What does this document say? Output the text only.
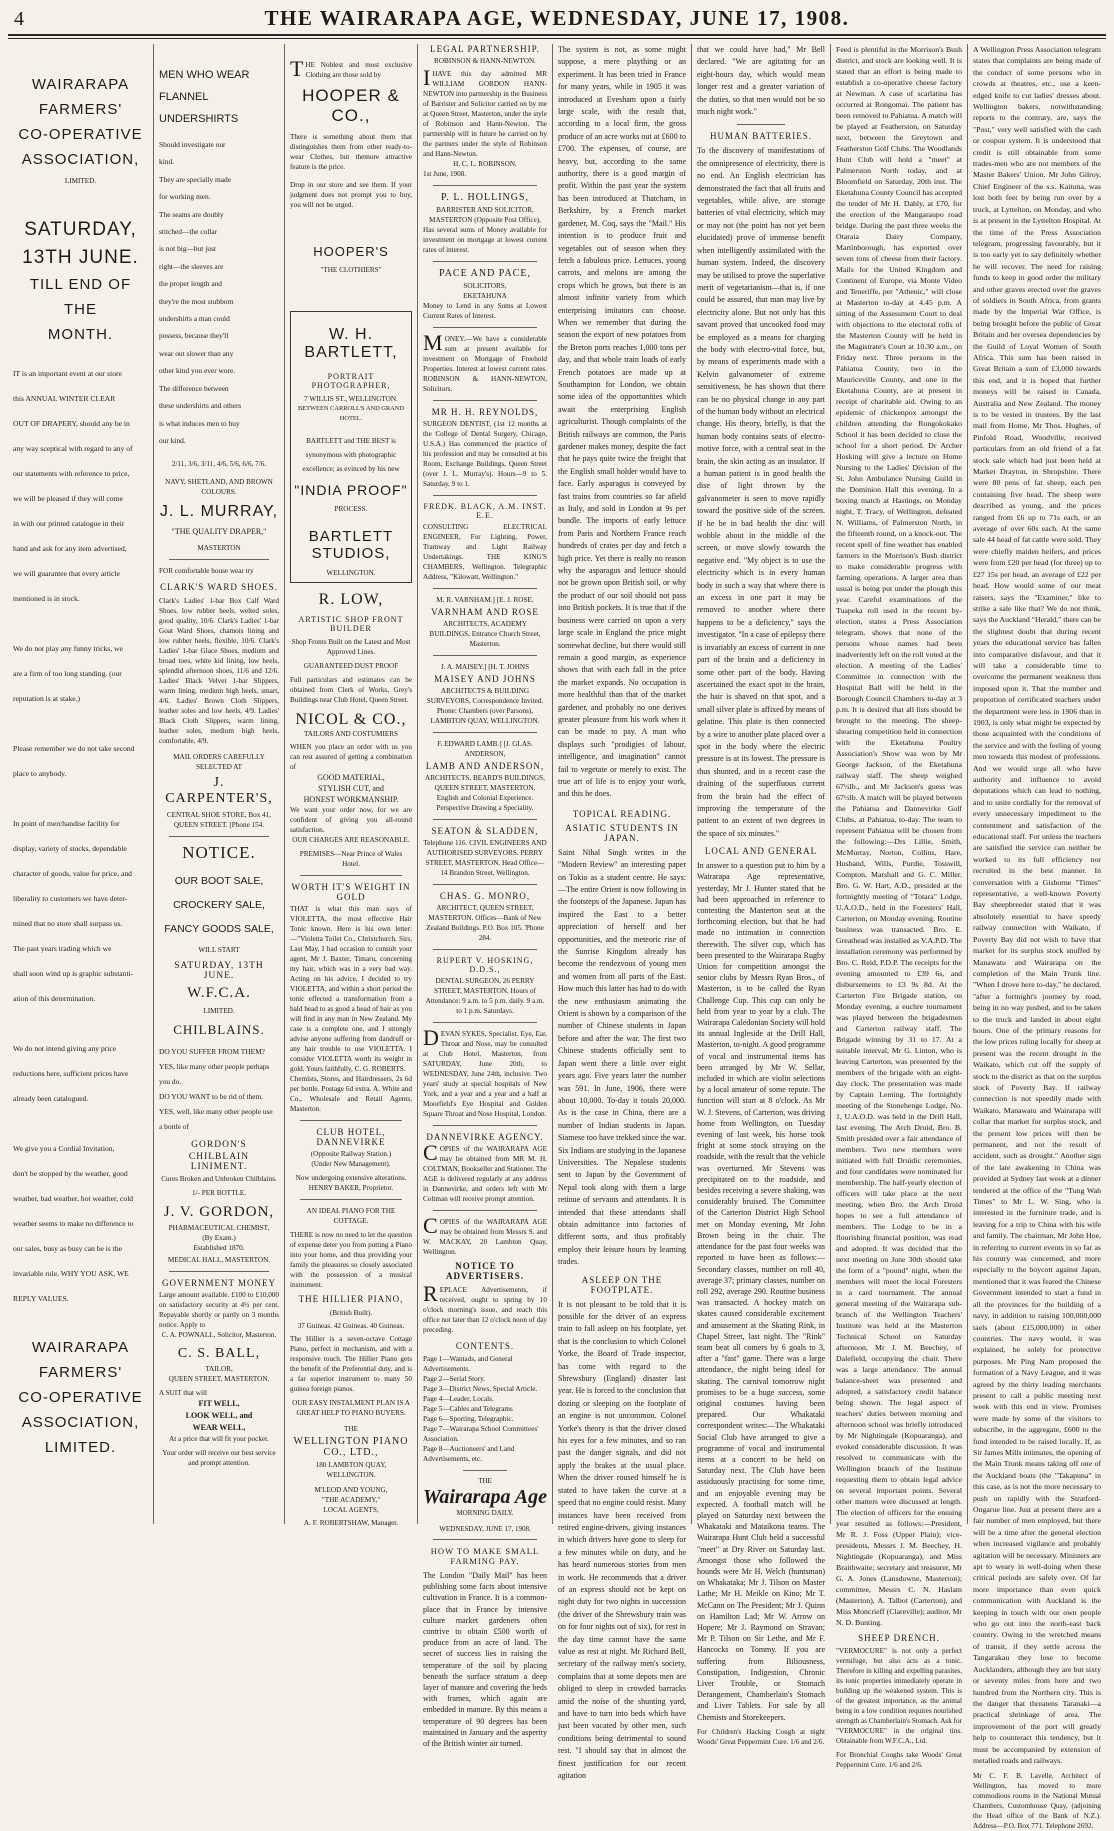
4	THE WAIRARAPA AGE, WEDNESDAY, JUNE 17, 1908.
WAIRARAPA
FARMERS'
CO-OPERATIVE
ASSOCIATION,
LIMITED.
SATURDAY,
13TH JUNE.
TILL END OF THE
MONTH.
IT is an important event at our store
this ANNUAL WINTER CLEAR
OUT OF DRAPERY, should any be in
any way sceptical with regard to any of
our statements with reference to price,
we will be pleased if they will come
in with our printed catalogue in their
hand and ask for any item advertised,
we will guarantee that every article
mentioned is in stock.

We do not play any funny tricks, we
are a firm of too long standing. (our
reputation is at stake.)

Please remember we do not take second
place to anybody.

In point of merchandise facility for
display, variety of stocks, dependable
character of goods, value for price, and
liberality to customers we have deter-
mined that no store shall surpass us.
The past years trading which we
shall soon wind up is graphic substanti-
ation of this determination.

We do not intend giving any price
reductions here, sufficient prices have
already been catalogued.

We give you a Cordial Invitation,
don't be stopped by the weather, good
weather, bad weather, hot weather, cold
weather seems to make no difference to
our sales, busy as busy can be is the
invariable rule, WHY YOU ASK, WE
REPLY VALUES.
WAIRARAPA
FARMERS'
CO-OPERATIVE
ASSOCIATION,
LIMITED.
MEN WHO WEAR
FLANNEL
UNDERSHIRTS
Should investigate our
kind.
They are specially made
for working men.
The seams are doubly
stitched—the collar
is not big—but just
right—the sleeves are
the proper length and
they're the most stubborn
undershirts a man could
possess, because they'll
wear out slower than any
other kind you ever wore.
The difference between
these undershirts and others
is what induces men to buy
our kind.
2/11, 3/6, 3/11, 4/6, 5/6, 6/6, 7/6.
NAVY, SHETLAND, AND BROWN COLOURS.
J. L. MURRAY,
"THE QUALITY DRAPER,"
MASTERTON
FOR comfortable house wear try
CLARK'S WARD SHOES.
Clark's Ladies' 1-bar Box Calf Ward Shoes, low rubber heels, welted soles, good quality, 10/6. Clark's Ladies' 1-bar Goat Ward Shoes, chamois lining and low rubber heels, flexible, 10/6. Clark's Ladies' 1-bar Glace Shoes, medium and broad toes, white kid lining, low heels, splendid afternoon shoes, 11/6 and 12/6. Ladies' Black Velvet 1-bar Slippers, warm lining, medium high heels, smart, 4/6. Ladies' Brown Cloth Slippers, leather soles and low heels, 4/9. Ladies' Black Cloth Slippers, warm lining, leather soles, medium high heels, comfortable, 4/9.
MAIL ORDERS CAREFULLY SELECTED AT
J. CARPENTER'S,
CENTRAL SHOE STORE, Box 41, QUEEN STREET. [Phone 154.
NOTICE.
OUR BOOT SALE,
CROCKERY SALE,
FANCY GOODS SALE,
WILL START
SATURDAY, 13TH JUNE.
W.F.C.A.
LIMITED.
CHILBLAINS.
DO YOU SUFFER FROM THEM?
YES, like many other people perhaps
you do.
DO YOU WANT to be rid of them.
YES, well, like many other people use
a bottle of
GORDON'S
CHILBLAIN LINIMENT.
Cures Broken and Unbroken Chilblains.
1/- PER BOTTLE.
J. V. GORDON,
PHARMACEUTICAL CHEMIST,
(By Exam.)
Established 1870.
MEDICAL HALL, MASTERTON.
GOVERNMENT MONEY
Large amount available. £100 to £10,000 on satisfactory security at 4½ per cent. Repayable shortly or partly on 3 months notice. Apply to
C. A. POWNALL, Solicitor, Masterton.
C. S. BALL,
TAILOR,
QUEEN STREET, MASTERTON.
A SUIT that will
FIT WELL,
LOOK WELL, and
WEAR WELL,
At a price that will fit your pocket.
Your order will receive our best service and prompt attention.
THE Noblest and most exclusive Clothing are those sold by
HOOPER & CO.,
There is something about them that distinguishes them from other ready-to-wear Clothes, but themore attractive feature is the price.
Drop in our store and see them. If your judgment does not prompt you to buy, you will not be urged.
HOOPER'S
"THE CLOTHIERS"
W. H. BARTLETT,
PORTRAIT PHOTOGRAPHER,
7 WILLIS ST., WELLINGTON.
BETWEEN CARROLL'S AND GRAND HOTEL.
BARTLETT and THE BEST is synonymous with photographic excellence; as evinced by his new
"INDIA PROOF"
PROCESS.
BARTLETT
STUDIOS,
WELLINGTON.
R. LOW,
ARTISTIC SHOP FRONT BUILDER
Shop Fronts Built on the Latest and Most Approved Lines.
GUARANTEED DUST PROOF
Full particulars and estimates can be obtained from Clerk of Works, Grey's Buildings near Club Hotel, Queen Street.
NICOL & CO.,
TAILORS AND COSTUMIERS
WHEN you place an order with us you can rest assured of getting a combination of
GOOD MATERIAL,
STYLISH CUT, and
HONEST WORKMANSHIP.
We want your order now, for we are confident of giving you all-round satisfaction.
OUR CHARGES ARE REASONABLE.
PREMISES—Near Prince of Wales Hotel.
WORTH IT'S WEIGHT IN GOLD
THAT is what this man says of VIOLETTA, the most effective Hair Tonic known. Here is his own letter:—"Violetta Toilet Co., Christchurch. Sirs, Last May, I had occasion to consult your agent, Mr J. Baxter, Timaru, concerning my hair, which was in a very bad way. Acting on his advice, I decided to try VIOLETTA, and within a short period the tonic effected a transformation from a bald head to as good a head of hair as you will find in any man in New Zealand. My case is a complete one, and I strongly advise anyone suffering from dandruff or any hair trouble to use VIOLETTA. I consider VIOLETTA worth its weight in gold. Yours faithfully, C. G. ROBERTS.
Chemists, Stores, and Hairdressers, 2s 6d per bottle. Postage 6d extra. A. White and Co., Wholesale and Retail Agents, Masterton.
CLUB HOTEL, DANNEVIRKE
(Opposite Railway Station.)
(Under New Management).
Now undergoing extensive alterations.
HENRY BAKER, Proprietor.
AN IDEAL PIANO FOR THE COTTAGE.
THERE is now no need to let the question of expense deter you from putting a Piano into your home, and thus providing your family the pleasures so closely associated with the possession of a musical instrument.
THE HILLIER PIANO,
(British Built).
37 Guineas. 42 Guineas. 40 Guineas.
The Hillier is a seven-octave Cottage Piano, perfect in mechanism, and with a responsive touch. The Hillier Piano gets the benefit of the Preferential duty, and is a far superior instrument to many 50 guinea foreign pianos.
OUR EASY INSTALMENT PLAN IS A GREAT HELP TO PIANO BUYERS.
THE
WELLINGTON PIANO CO., LTD.,
180 LAMBTON QUAY,
WELLINGTON.
M'LEOD AND YOUNG,
"THE ACADEMY,"
LOCAL AGENTS,
A. F. ROBERTSHAW, Manager.
LEGAL PARTNERSHIP.
ROBINSON & HANN-NEWTON.
IHAVE this day admitted MR WILLIAM GORDON HANN-NEWTON into partnership in the Business of Barrister and Solicitor carried on by me at Queen Street, Masterton, under the style of Robinson and Hann-Newton. The partnership will in future be carried on by the partners under the style of Robinson and Hann-Newton.
H. C. L. ROBINSON.
1st June, 1908.
P. L. HOLLINGS,
BARRISTER AND SOLICITOR,
MASTERTON (Opposite Post Office),
Has several sums of Money available for investment on mortgage at lowest current rates of interest.
PACE AND PACE,
SOLICITORS,
EKETAHUNA
Money to Lend in any Sums at Lowest Current Rates of Interest.
MONEY.—We have a considerable sum at present available for investment on Mortgage of Freehold Properties. Interest at lowest current rates. ROBINSON & HANN-NEWTON, Solicitors.
MR H. H. REYNOLDS,
SURGEON DENTIST, (1st 12 months at the College of Dental Surgery, Chicago, U.S.A.) Has commenced the practice of his profession and may be consulted at his Room, Exchange Buildings, Queen Street (over J. L. Murray's). Hours—9 to 5. Saturday, 9 to 1.
FREDK. BLACK, A.M. INST. E.E.
CONSULTING ELECTRICAL ENGINEER, For Lighting, Power, Tramway and Light Railway Undertakings. THE KING'S CHAMBERS, Wellington. Telegraphic Address, "Kilowatt, Wellington."
M. R. VARNHAM.] [E. J. ROSE.
VARNHAM AND ROSE
ARCHITECTS, ACADEMY BUILDINGS, Entrance Church Street, Masterton.
J. A. MAISEY.] [H. T. JOHNS
MAISEY AND JOHNS
ARCHITECTS & BUILDING SURVEYORS, Correspondence Invited. Phone: Chambers (over Parsons), LAMBTON QUAY, WELLINGTON.
F. EDWARD LAMB.] [J. GLAS. ANDERSON,
LAMB AND ANDERSON,
ARCHITECTS, BEARD'S BUILDINGS, QUEEN STREET, MASTERTON. English and Colonial Experience. Perspective Drawing a Speciality.
SEATON & SLADDEN,
Telephone 116. CIVIL ENGINEERS AND AUTHORISED SURVEYORS. PERRY STREET, MASTERTON. Head Office—14 Brandon Street, Wellington.
CHAS. G. MONRO,
ARCHITECT, QUEEN STREET, MASTERTON. Offices—Bank of New Zealand Buildings. P.O. Box 105. 'Phone 284.
RUPERT V. HOSKING, D.D.S.,
DENTAL SURGEON, 26 PERRY STREET, MASTERTON. Hours of Attendance: 9 a.m. to 5 p.m. daily. 9 a.m. to 1 p.m. Saturdays.
DEVAN SYKES, Specialist. Eye, Ear, Throat and Nose, may be consulted at Club Hotel, Masterton, from SATURDAY, June 20th, to WEDNESDAY, June 24th, inclusive. Two years' study at special hospitals of New York, and a year and a year and a half at Moorfield's Eye Hospital and Golden Square Throat and Nose Hospital, London.
DANNEVIRKE AGENCY.
COPIES of the WAIRARAPA AGE may be obtained from MR M. H. COLTMAN, Bookseller and Stationer. The AGE is delivered regularly at any address in Dannevirke, and orders left with Mr Coltman will receive prompt attention.
COPIES of the WAIRARAPA AGE may be obtained from Messrs S. and W. MACKAY, 20 Lambton Quay, Wellington.
NOTICE TO ADVERTISERS.
REPLACE Advertisements, if received, ought to spring by 10 o'clock morning's issue, and reach this office not later than 12 o'clock noon of day preceding.
CONTENTS.
Page 1—Wantads, and General Advertisements.
Page 2—Serial Story.
Page 3—District News, Special Article.
Page 4—Leader, Locals.
Page 5—Cables and Telegrams
Page 6—Sporting, Telegraphic.
Page 7—Wairarapa School Committees' Association.
Page 8—Auctioneers' and Land Advertisements, etc.
THE
Wairarapa Age
MORNING DAILY.
WEDNESDAY, JUNE 17, 1908.
HOW TO MAKE SMALL FARMING PAY.
The London "Daily Mail" has been publishing some facts about intensive cultivation in France. It is a common-place that in France by intensive culture market gardeners often contrive to obtain £500 worth of produce from an acre of land. The secret of success lies in raising the temperature of the soil by placing beneath the surface stratum a deep layer of manure and covering the beds with frames, which again are embedded in manure. By this means a temperature of 90 degrees has been maintained in January and the asperity of the British winter air turned.
The system is not, as some might suppose, a mere plaything or an experiment. It has been tried in France for many years, while in 1905 it was introduced at Evesham upon a fairly large scale, with the result that, according to a local firm, the gross produce of an acre works out at £600 to £700. The expenses, of course, are heavy, but, according to the same authority, there is a good margin of profit. Within the past year the system has been introduced at Thatcham, in Berkshire, by a French market gardener, M. Coq, says the "Mail." His intention is to produce fruit and vegetables out of season when they fetch a fabulous price. Lettuces, young carrots, and melons are among the crops which he grows, but there is an almost infinite variety from which enterprising imitators can choose. When we remember that during the season the export of new potatoes from the Breton ports reaches 1,000 tons per day, and that whole train loads of early French potatoes are made up at Southampton for London, we obtain some idea of the opportunities which await the enterprising English agriculturist. Though complaints of the British railways are common, the Paris gardener makes money, despite the fact that he pays quite twice the freight that the English small holder would have to face. Early asparagus is conveyed by fast trains from countries so far afield as Italy, and sold in London at 9s per bundle. The imports of early lettuce from Paris and Northern France reach hundreds of crates per day and fetch a high price. Yet there is really no reason why the asparagus and lettuce should not be grown upon British soil, or why the product of our soil should not pass into British pockets. It is true that if the business were carried on upon a very large scale in England the price might somewhat decline, but there would still remain a good margin, as experience shows that with each fall in the price the market expands. No occupation is more healthful than that of the market gardener, and probably no one derives greater pleasure from his work when it can be made to pay. A man who displays such "prodigies of labour, intelligence, and imagination" cannot fail to vegetate or merely to exist. The true art of life is to enjoy your work, and this he does.
TOPICAL READING.
ASIATIC STUDENTS IN JAPAN.
Saint Nihal Singh writes in the "Modern Review" an interesting paper on Tokio as a student centre. He says:—The entire Orient is now following in the footsteps of the Japanese. Japan has inspired the East to a better appreciation of herself and her opportunities, and the meteoric rise of the Sunrise Kingdom already has become the rendezvous of young men and women from all parts of the East. How much this latter has had to do with the new enthusiasm animating the Orient is shown by a comparison of the number of Chinese students in Japan before and after the war. The first two Chinese students officially sent to Japan went there a little over eight years ago. Five years later the number was 591. In June, 1906, there were about 10,000. To-day it totals 20,000. As is the case in China, there are a number of Indian students in Japan. Siamese too have trekked since the war. Six Indians are studying in the Japanese Universities. The Nepalese students sent to Japan by the Government of Nepal took along with them a large retinue of servants and attendants. It is intended that these attendants shall obtain admittance into factories of different sorts, and thus profitably employ their leisure hours by learning trades.
ASLEEP ON THE FOOTPLATE.
It is not pleasant to be told that it is possible for the driver of an express train to fall asleep on his footplate, yet that is the conclusion to which Colonel Yorke, the Board of Trade inspector, has come with regard to the Shrewsbury (England) disaster last year. He is forced to the conclusion that dozing or sleeping on the footplate of an engine is not uncommon. Colonel Yorke's theory is that the driver closed his eyes for a few minutes, and so ran past the danger signals, and did not apply the brakes at the usual place. When the driver roused himself he is stated to have taken the curve at a speed that no engine could resist. Many instances have been received from retired engine-drivers, giving instances in which drivers have gone to sleep for a few minutes while on duty, and he has heard numerous stories from men in work. He recommends that a driver of an express should not be kept on night duty for two nights in succession (the driver of the Shrewsbury train was on for four nights out of six), for rest in the day time cannot have the same value as rest at night. Mr Richard Bell, secretary of the railway men's society, complains that at some depots men are obliged to sleep in crowded barracks amid the noise of the shunting yard, and have to turn into beds which have just been vacated by other men, such conditions being detrimental to sound rest. "I should say that in almost the finest justification for our recent agitation
that we could have had," Mr Bell declared. "We are agitating for an eight-hours day, which would mean longer rest and a greater variation of the duties, so that men would not be so much night work."
HUMAN BATTERIES.
To the discovery of manifestations of the omnipresence of electricity, there is no end. An English electrician has demonstrated the fact that all fruits and vegetables, while alive, are storage batteries of vital electricity, which may or may not (the point has not yet been elucidated) prove of immense benefit when intelligently assimilated with the human system. Indeed, the discovery may be utilised to prove the superlative merit of vegetarianism—that is, if one could be assured, that man may live by electricity alone. But not only has this savant proved that uncooked food may be employed as a means for charging the body with electro-vital force, but, by means of experiments made with a Kelvin galvanometer of extreme sensitiveness, he has shown that there can be no physical change in any part of the human body without an electrical change. His theory, briefly, is that the human body contains seats of electro-motive force, with a central seat in the brain, the skin acting as an insulator. If a human patient is in good health the dise of light thrown by the galvanometer is seen to move rapidly toward the positive side of the screen. If he be in bad health the disc will wobble about in the middle of the screen, or move slowly towards the negative end. "My object is to use the electricity which is in every human body in such a way that where there is an excess in one part it may be removed to another where there happens to be a deficiency," says the investigator. "In a case of epilepsy there is invariably an excess of current in one part of the brain and a deficiency in some other part of the body. Having ascertained the exact spot in the brain, the hair is shaved on that spot, and a small silver plate is affixed by means of gelatine. This plate is then connected by a wire to another plate placed over a spot in the body where the electric pressure is at its lowest. The pressure is thus shunted, and in a recent case the draining of the superfluous current from the brain had the effect of improving the temperature of the patient to an extent of two degrees in the space of six minutes."
LOCAL AND GENERAL
In answer to a question put to him by a Wairarapa Age representative, yesterday, Mr J. Hunter stated that he had been approached in reference to contesting the Masterton seat at the forthcoming election, but that he had made no intimation in connection therewith. The silver cup, which has been presented to the Wairarapa Rugby Union for competition amongst the senior clubs by Messrs Ryan Bros., of Masterton, is to be called the Ryan Challenge Cup. This cup can only be held from year to year by a club. The Wairarapa Caledonian Society will hold its annual Ingleside at the Drill Hall, Masterton, to-night. A good programme of vocal and instrumental items has been arranged by Mr W. Sellar, included in which are violin selections by a local amateur of some repute. The function will start at 8 o'clock. As Mr W. J. Stevens, of Carterton, was driving home from Wellington, on Tuesday evening of last week, his horse took fright at some stock straying on the roadside, with the result that the vehicle was overturned. Mr Stevens was precipitated on to the roadside, and besides receiving a severe shaking, was considerably bruised. The Committee of the Carterton District High School met on Monday evening, Mr John Brown being in the chair. The attendance for the past four weeks was reported to have been as follows:—Secondary classes, number on roll 40, average 37; primary classes, number on roll 292, average 290. Routine business was transacted. A hockey match on skates caused considerable excitement and amusement at the Skating Rink, in Chapel Street, last night. The "Rink" team beat all comers by 6 goals to 3, after a "fast" game. There was a large attendance, the night being ideal for skating. The carnival tomorrow night promises to be a huge success, some original costumes having been prepared. Our Whakataki correspondent writes:—The Whakataki Social Club have arranged to give a programme of vocal and instrumental items at a concert to be held on Saturday next. The Club have been assiduously practising for some time, and an enjoyable evening may be expected. A football match will be played on Saturday next between the Whakataki and Mataikona teams. The Wairarapa Hunt Club held a successful "meet" at Dry River on Saturday last. Amongst those who followed the hounds were Mr H. Welch (huntsman) on Whakataka; Mr J. Tilson on Master Lathe; Mr H. Meikle on Kino; Mr T. McCann on The President; Mr J. Quinn on Hamilton Lad; Mr W. Arrow on Hopere; Mr J. Raymond on Stravan; Mr P. Tilson on Sir Lethe, and Mr F. Hancocks on Tommy. If you are suffering from Biliousness, Constipation, Indigestion, Chronic Liver Trouble, or Stomach Derangement, Chamberlain's Stomach and Liver Tablets. For sale by all Chemists and Storekeepers.
For Children's Hacking Cough at night Woods' Great Peppermint Cure. 1/6 and 2/6.
Feed is plentiful in the Morrison's Bush district, and stock are looking well. It is stated that an effort is being made to establish a co-operative cheese factory at Newman. A case of scarlatina has occurred at Rongomai. The patient has been removed to Pahiatua. A match will be played at Featherston, on Saturday next, between the Greytown and Featherston Golf Clubs. The Woodlands Hunt Club will hold a "meet" at Palmerston North today, and at Bloomfield on Saturday, 20th inst. The Eketahuna County Council has accepted the tender of Mr H. Dahly, at £70, for the erection of the Mangaraupo road bridge. During the past three weeks the Otaraia Dairy Company, Martinborough, has exported over seven tons of cheese from their factory. Mails for the United Kingdom and Continent of Europe, via Monte Video and Teneriffe, per "Athenic," will close at Masterton to-day at 4.45 p.m. A sitting of the Assessment Court to deal with objections to the electoral rolls of the Masterton County will be held in the Magistrate's Court at 10.30 a.m., on Friday next. Three persons in the Pahiatua County, two in the Mauriceville County, and one in the Eketahuna County, are at present in receipt of charitable aid. Owing to an epidemic of chickenpox amongst the children attending the Rongokokako School it has been decided to close the school for a short period. Dr Archer Hosking will give a lecture on Home Nursing to the Ladies' Division of the St. John Ambulance Nursing Guild in the Dominion Hall this evening. In a boxing match at Hastings, on Monday night, T. Tracy, of Wellington, defeated N. Williams, of Palmerston North, in the fifteenth round, on a knock-out. The recent spell of fine weather has enabled farmers in the Morrison's Bush district to make considerable progress with farming operations. A larger area than usual is being put under the plough this year. Careful examinations of the Tuapeka roll used in the recent by-election, states a Press Association telegram, shows that none of the persons whose names had been inadvertently left on the roll voted at the election. A meeting of the Ladies' Committee in connection with the Hospital Ball will be held in the Borough Council Chambers to-day at 3 p.m. It is desired that all lists should be brought to the meeting. The sheep-shearing competition held in connection with the Eketahuna Poultry Association's Show was won by Mr George Jackson, of the Eketahuna railway staff. The sheep weighed 67½lb., and Mr Jackson's guess was 67½lb. A match will be played between the Pahiatua and Dannevirke Golf Clubs, at Pahiatua, to-day. The team to represent Pahiatua will be chosen from the following:—Drs Lillie, Smith, McMurray, Norton, Collins, Hare, Husband, Wills, Purdie, Tosswill, Compton, Marshall and G. C. Miller. Bro. G. W. Hart, A.D., presided at the fortnightly meeting of "Totara" Lodge, U.A.O.D., held in the Foresters' Hall, Carterton, on Monday evening. Routine business was transacted. Bro. E. Greathead was installed as V.A.P.D. The installation ceremony was performed by Bro. C. Reid, P.D.P. The receipts for the evening amounted to £39 6s, and disbursements to £3 9s 8d. At the Carterton Fire Brigade station, on Monday evening, a euchre tournament was played between the brigadesmen and Carterton railway staff. The Brigade winning by 31 to 17. At a suitable interval, Mr G. Linton, who is leaving Carterton, was presented by the members of the brigade with an eight-day clock. The presentation was made by Captain Leming. The fortnightly meeting of the Stonehenge Lodge, No. 1, U.A.O.D. was held in the Drill Hall, last evening. The Arch Druid, Bro. B. Smith presided over a fair attendance of members. Two new members were initiated with full Druidic ceremonies, and four candidates were nominated for membership. The half-yearly election of officers will take place at the next meeting, when Bro. the Arch Druid hopes to see a full attendance of members. The Lodge to be in a flourishing financial position, was read and adopted. It was decided that the next meeting on June 30th should take the form of a "pound" night, when the members will meet the local Foresters in a card tournament. The annual general meeting of the Wairarapa sub-branch of the Wellington Teachers' Institute was held at the Masterton Technical School on Saturday afternoon, Mr J. M. Beechey, of Dalefield, occupying the chair. There was a large attendance. The annual balance-sheet was presented and adopted, a satisfactory credit balance being shown. The legal aspect of teachers' duties between morning and afternoon school was briefly introduced by Mr Nightingale (Kopuaranga), and evoked considerable discussion. It was resolved to communicate with the Wellington branch of the Institute requesting them to obtain legal advice on several important points. Several other matters were discussed at length. The election of officers for the ensuing year resulted as follows:—President, Mr R. J. Foss (Upper Plain); vice-presidents, Messrs J. M. Beechey, H. Nightingale (Kopuaranga), and Miss Braithwaite; secretary and treasurer, Mr G. A. Jones (Lansdowne, Masterton); committee, Messrs C. N. Haslam (Masterton), A. Talbot (Carterton), and Miss Moncrieff (Clareville); auditor, Mr N. D. Bunting.
SHEEP DRENCH.
"VERMOCURE" is not only a perfect vermifuge, but also acts as a tonic. Therefore in killing and expelling parasites, its tonic properties immediately operate in building up the weakened system. This is of the greatest importance, as the animal being in a low condition requires nourished strength as Chamberlain's Stomach. Ask for "VERMOCURE" in the original tins. Obtainable from W.F.C.A., Ltd.
For Bronchial Coughs take Woods' Great Peppermint Cure. 1/6 and 2/6.
A Wellington Press Association telegram states that complaints are being made of the conduct of some persons who in crowds at theatres, etc., use a keen-edged knife to cut ladies' dresses about. Wellington bakers, notwithstanding reports to the contrary, are, says the "Post," very well satisfied with the cash or coupon system. It is understood that credit is still obtainable from some trades-men who are not members of the Master Bakers' Union. Mr John Gilroy, Chief Engineer of the s.s. Kaituna, was lost both feet by being run over by a truck, at Lyttelton, on Monday, and who is at present in the Lyttelton Hospital. At the time of the Press Association telegram, progressing favourably, but it is too early yet to say definitely whether he will recover. The need for raising funds to keep in good order the military and other graves erected over the graves of soldiers in South Africa, from grants made by the Imperial War Office, is being brought before the public of Great Britain and her oversea dependencies by the Guild of Loyal Women of South Africa. This sum has been raised in Great Britain a sum of £3,000 towards this end, and it is hoped that further moneys will be raised in Canada, Australia and New Zealand. The money is to be vested in trustees. By the last mail from Home, Mr Thos. Hughes, of Pinfold Road, Woodville, received particulars from an old friend of a fat stock sale which had just been held at Market Drayton, in Shropshire. There were 80 pens of fat sheep, each pen containing five head. The sheep were described as young, and the prices ranged from £6 up to 71s each, or an average of over 60s each. At the same sale 44 head of fat cattle were sold. They were chiefly maiden heifers, and prices were from £20 per head (for three) up to £27 15s per head, an average of £22 per head. How would some of our meat raisers, says the "Examiner," like to strike a sale like that? We do not think, says the Auckland "Herald," there can be the slightest doubt that during recent years the educational service has fallen into comparative disfavour, and that it will take a considerable time to overcome the permanent weakness thus imposed upon it. That the number and proportion of certificated teachers under the department were less in 1906 than in 1903, is only what might be expected by those acquainted with the conditions of the service and with the feeling of young men towards this modest of professions. And we would urge all who have authority and influence to avoid deputations which can lead to nothing, and to unite cordially for the removal of every unnecessary impediment to the contentment and satisfaction of the educational staff. For unless the teachers are satisfied the service can neither be worked to its full efficiency nor recruited in the best manner. In conversation with a Gisborne "Times" representative, a well-known Poverty Bay sheepbreeder stated that it was absolutely essential to have speedy railway connection with Waikato, if Poverty Bay did not wish to have that market for its surplus stock snuffed by Manawatu and Wairarapa on the completion of the Main Trunk line. "When I drove here to-day," he declared, "after a fortnight's journey by road, being in no way pushed, and to be taken to the truck and landed in about eight hours. One of the primary reasons for the low prices ruling locally for sheep at present was the recent drought in the Waikato, which cut off the supply of stock to the district as that on the surplus stock of Poverty Bay. If railway connection is not speedily made with Waikato, Manawatu and Wairarapa will collar that market for surplus stock, and the present low prices will then be permanent, and not the result of accident, such as drought." Another sign of the late awakening in China was provided at Sydney last week at a dinner tendered at the office of the "Tung Wah Times" to Mr L. W. Sing, who is interested in the furniture trade, and is leaving for a trip to China with his wife and family. The chairman, Mr John Hoe, in referring to current events in so far as his country was concerned, and more especially to the boycott against Japan, mentioned that it was feared the Chinese Government intended to start a fund in all the provinces for the building of a navy, in addition to raising 100,000,000 taels (about £15,000,000) in other countries. The navy would, it was explained, be solely for protective purposes. Mr Ping Nam proposed the formation of a Navy League, and it was agreed by the thirty leading merchants present to call a public meeting next week with this end in view. Promises were made by some of the visitors to subscribe, in the aggregate, £600 to the fund intended to be raised locally. If, as Sir James Mills intimates, the opening of the Main Trunk means taking off one of the Auckland boats (the "Takapuna" in this case, as is not the more necessary to push on rapidly with the Stratford-Ongarue line. Just at present there are a fair number of men employed, but there will be a time after the general election when increased vigilance and probably agitation will be necessary. Ministers are apt to weary in well-doing when these critical periods are safely over. Of far more importance than even quick communication with Auckland is the keeping in touch with our own people who go out into the north-east back country. Owing to the wretched means of transit, if they settle across the Tangarakau they lose to become Aucklanders, although they are but sixty or seventy miles from here and two hundred from the Northern city. This is the danger that threatens Taranaki—a practical shrinkage of area. The improvement of the port will greatly help to counteract this tendency, but it must be accompanied by extension of metalled roads and railways.
Mr C. F. B. Lavelle, Architect of Wellington, has moved to more commodious rooms in the National Mutual Chambers, Customhouse Quay, (adjoining the Head office of the Bank of N.Z.). Address—P.O. Box 771. Telephone 2692.
